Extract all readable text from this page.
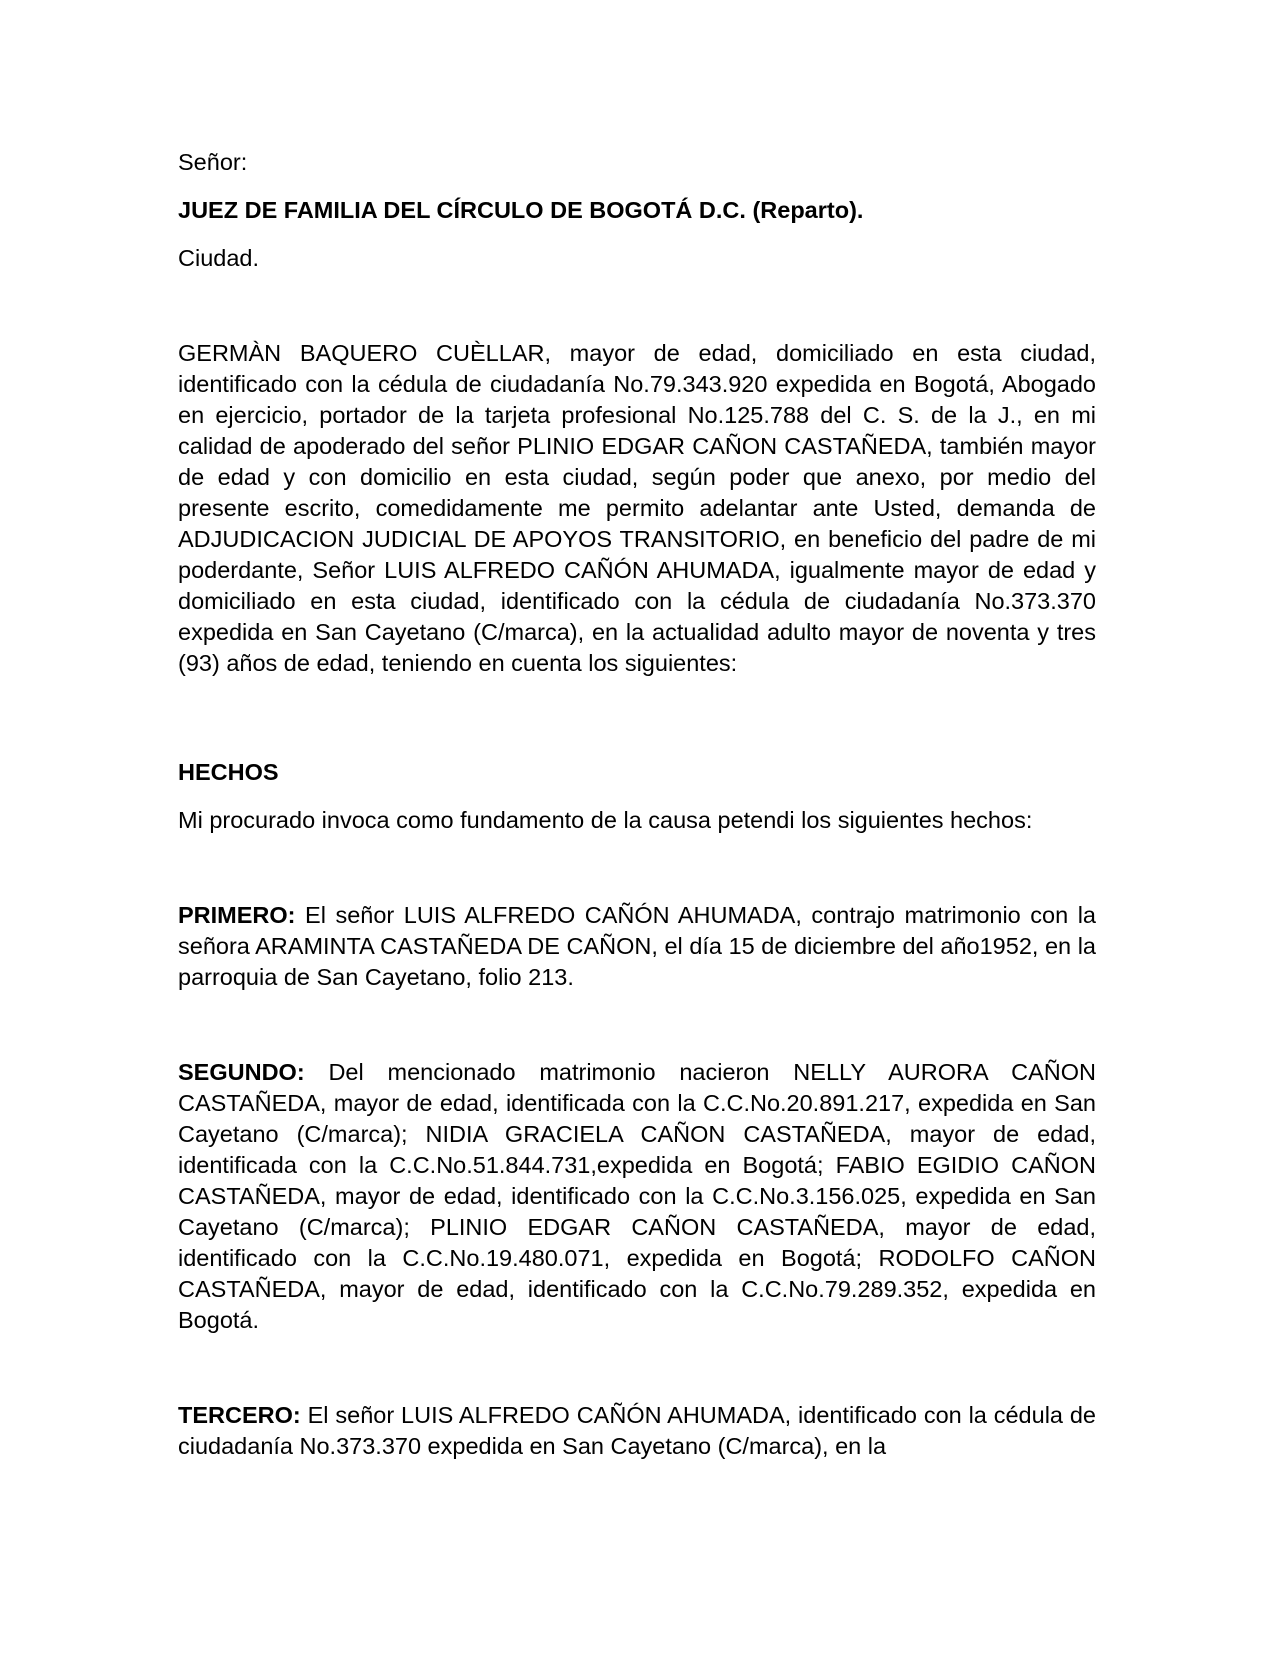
Señor:

JUEZ DE FAMILIA DEL CÍRCULO DE BOGOTÁ D.C. (Reparto).

Ciudad.

GERMÀN BAQUERO CUÈLLAR, mayor de edad, domiciliado en esta ciudad, identificado con la cédula de ciudadanía No.79.343.920 expedida en Bogotá, Abogado en ejercicio, portador de la tarjeta profesional No.125.788 del C. S. de la J., en mi calidad de apoderado del señor PLINIO EDGAR CAÑON CASTAÑEDA, también mayor de edad y con domicilio en esta ciudad, según poder que anexo, por medio del presente escrito, comedidamente me permito adelantar ante Usted, demanda de ADJUDICACION JUDICIAL DE APOYOS TRANSITORIO, en beneficio del padre de mi poderdante, Señor LUIS ALFREDO CAÑÓN AHUMADA, igualmente mayor de edad y domiciliado en esta ciudad, identificado con la cédula de ciudadanía No.373.370 expedida en San Cayetano (C/marca), en la actualidad adulto mayor de noventa y tres (93) años de edad, teniendo en cuenta los siguientes:

HECHOS

Mi procurado invoca como fundamento de la causa petendi los siguientes hechos:

PRIMERO: El señor LUIS ALFREDO CAÑÓN AHUMADA, contrajo matrimonio con la señora ARAMINTA CASTAÑEDA DE CAÑON, el día 15 de diciembre del año1952, en la parroquia de San Cayetano, folio 213.

SEGUNDO: Del mencionado matrimonio nacieron NELLY AURORA CAÑON CASTAÑEDA, mayor de edad, identificada con la C.C.No.20.891.217, expedida en San Cayetano (C/marca); NIDIA GRACIELA CAÑON CASTAÑEDA, mayor de edad, identificada con la C.C.No.51.844.731,expedida en Bogotá; FABIO EGIDIO CAÑON CASTAÑEDA, mayor de edad, identificado con la C.C.No.3.156.025, expedida en San Cayetano (C/marca); PLINIO EDGAR CAÑON CASTAÑEDA, mayor de edad, identificado con la C.C.No.19.480.071, expedida en Bogotá; RODOLFO CAÑON CASTAÑEDA, mayor de edad, identificado con la C.C.No.79.289.352, expedida en Bogotá.

TERCERO: El señor LUIS ALFREDO CAÑÓN AHUMADA, identificado con la cédula de ciudadanía No.373.370 expedida en San Cayetano (C/marca), en la
